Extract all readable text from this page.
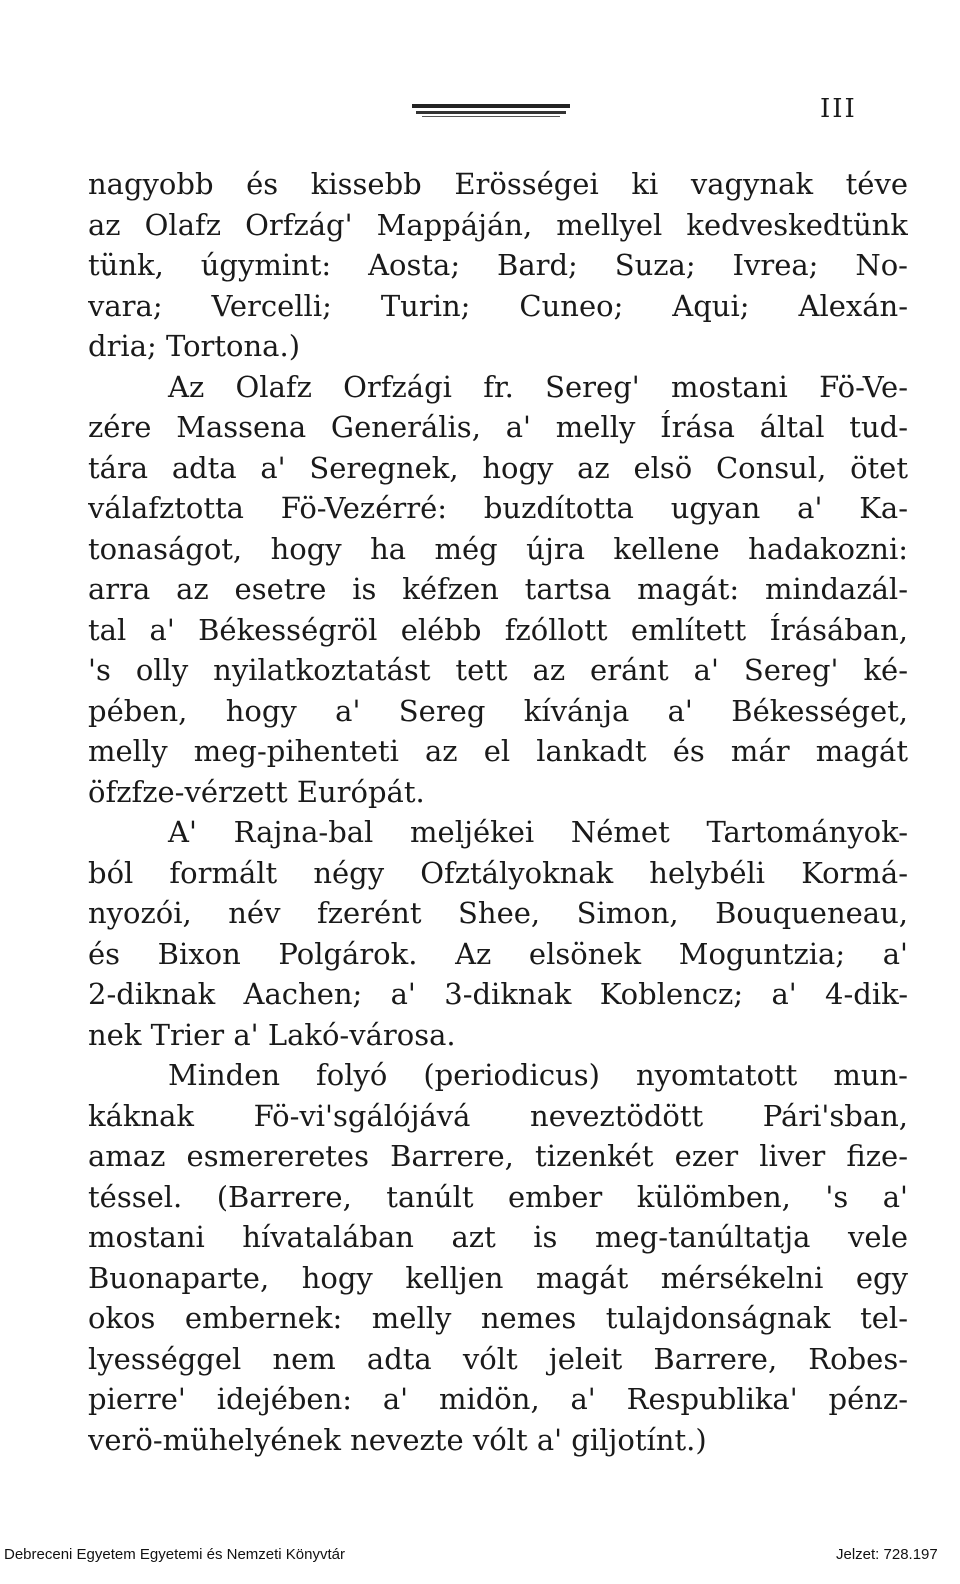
III
nagyobb és kissebb Erösségei ki vagynak téve
az Olafz Orfzág' Mappáján, mellyel kedveskedtünk
tünk, úgymint: Aosta; Bard; Suza; Ivrea; No-
vara; Vercelli; Turin; Cuneo; Aqui; Alexán-
dria; Tortona.)
Az Olafz Orfzági fr. Sereg' mostani Fö-Ve-
zére Massena Generális, a' melly Írása által tud-
tára adta a' Seregnek, hogy az elsö Consul, ötet
válafztotta Fö-Vezérré: buzdította ugyan a' Ka-
tonaságot, hogy ha még újra kellene hadakozni:
arra az esetre is kéfzen tartsa magát: mindazál-
tal a' Békességröl elébb fzóllott említett Írásában,
's olly nyilatkoztatást tett az eránt a' Sereg' ké-
pében, hogy a' Sereg kívánja a' Békességet,
melly meg-pihenteti az el lankadt és már magát
öfzfze-vérzett Európát.
A' Rajna-bal meljékei Német Tartományok-
ból formált négy Ofztályoknak helybéli Kormá-
nyozói, név fzerént Shee, Simon, Bouqueneau,
és Bixon Polgárok. Az elsönek Moguntzia; a'
2-diknak Aachen; a' 3-diknak Koblencz; a' 4-dik-
nek Trier a' Lakó-városa.
Minden folyó (periodicus) nyomtatott mun-
káknak Fö-vi'sgálójává neveztödött Pári'sban,
amaz esmereretes Barrere, tizenkét ezer liver fize-
téssel. (Barrere, tanúlt ember külömben, 's a'
mostani hívatalában azt is meg-tanúltatja vele
Buonaparte, hogy kelljen magát mérsékelni egy
okos embernek: melly nemes tulajdonságnak tel-
lyességgel nem adta vólt jeleit Barrere, Robes-
pierre' idejében: a' midön, a' Respublika' pénz-
verö-mühelyének nevezte vólt a' giljotínt.)
Debreceni Egyetem Egyetemi és Nemzeti Könyvtár	Jelzet: 728.197
